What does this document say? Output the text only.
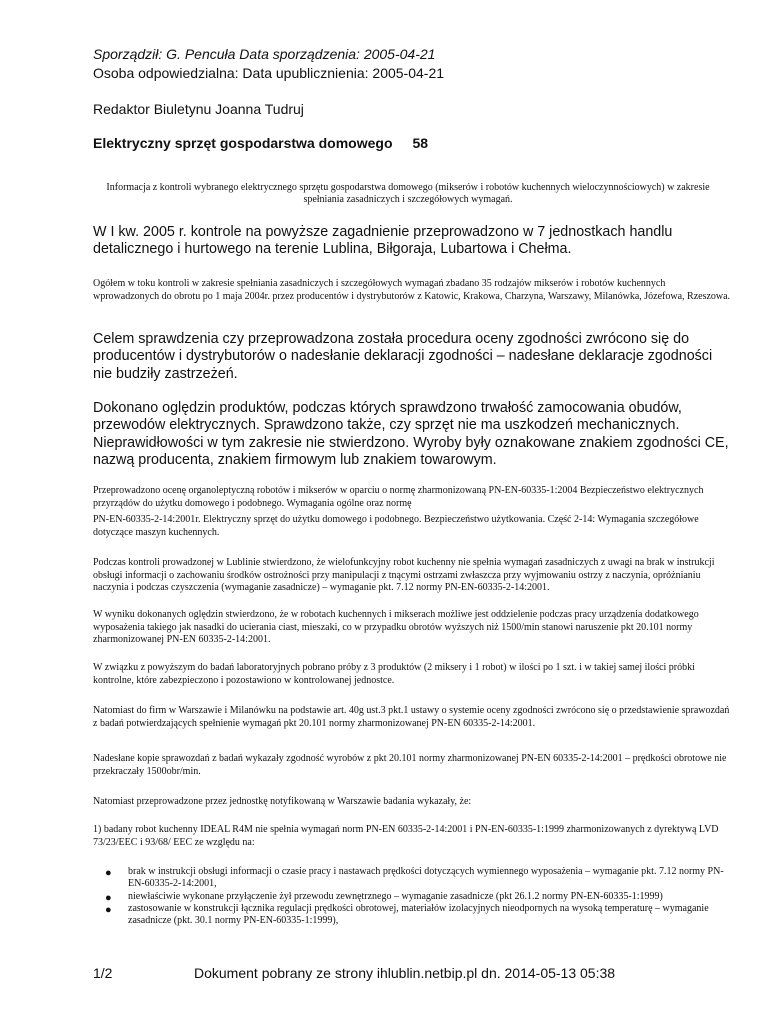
Sporządził: G. Pencuła Data sporządzenia: 2005-04-21
Osoba odpowiedzialna: Data upublicznienia: 2005-04-21
Redaktor Biuletynu Joanna Tudruj
Elektryczny sprzęt gospodarstwa domowego 58
Informacja z kontroli wybranego elektrycznego sprzętu gospodarstwa domowego (mikserów i robotów kuchennych wieloczynnościowych) w zakresie spełniania zasadniczych i szczegółowych wymagań.
W I kw. 2005 r. kontrole na powyższe zagadnienie przeprowadzono w 7 jednostkach handlu detalicznego i hurtowego na terenie Lublina, Biłgoraja, Lubartowa i Chełma.
Ogółem w toku kontroli w zakresie spełniania zasadniczych i szczegółowych wymagań zbadano 35 rodzajów mikserów i robotów kuchennych wprowadzonych do obrotu po 1 maja 2004r. przez producentów i dystrybutorów z Katowic, Krakowa, Charzyna, Warszawy, Milanówka, Józefowa, Rzeszowa.
Celem sprawdzenia czy przeprowadzona została procedura oceny zgodności zwrócono się do producentów i dystrybutorów o nadesłanie deklaracji zgodności – nadesłane deklaracje zgodności nie budziły zastrzeżeń.
Dokonano oględzin produktów, podczas których sprawdzono trwałość zamocowania obudów, przewodów elektrycznych. Sprawdzono także, czy sprzęt nie ma uszkodzeń mechanicznych. Nieprawidłowości w tym zakresie nie stwierdzono. Wyroby były oznakowane znakiem zgodności CE, nazwą producenta, znakiem firmowym lub znakiem towarowym.
Przeprowadzono ocenę organoleptyczną robotów i mikserów w oparciu o normę zharmonizowaną PN-EN-60335-1:2004 Bezpieczeństwo elektrycznych przyrządów do użytku domowego i podobnego. Wymagania ogólne oraz normę
PN-EN-60335-2-14:2001r. Elektryczny sprzęt do użytku domowego i podobnego. Bezpieczeństwo użytkowania. Część 2-14: Wymagania szczegółowe dotyczące maszyn kuchennych.
Podczas kontroli prowadzonej w Lublinie stwierdzono, że wielofunkcyjny robot kuchenny nie spełnia wymagań zasadniczych z uwagi na brak w instrukcji obsługi informacji o zachowaniu środków ostrożności przy manipulacji z tnącymi ostrzami zwłaszcza przy wyjmowaniu ostrzy z naczynia, opróżnianiu naczynia i podczas czyszczenia (wymaganie zasadnicze) – wymaganie pkt. 7.12 normy PN-EN-60335-2-14:2001.
W wyniku dokonanych oględzin stwierdzono, że w robotach kuchennych i mikserach możliwe jest oddzielenie podczas pracy urządzenia dodatkowego wyposażenia takiego jak nasadki do ucierania ciast, mieszaki, co w przypadku obrotów wyższych niż 1500/min stanowi naruszenie pkt 20.101 normy zharmonizowanej PN-EN 60335-2-14:2001.
W związku z powyższym do badań laboratoryjnych pobrano próby z 3 produktów (2 miksery i 1 robot) w ilości po 1 szt. i w takiej samej ilości próbki kontrolne, które zabezpieczono i pozostawiono w kontrolowanej jednostce.
Natomiast do firm w Warszawie i Milanówku na podstawie art. 40g ust.3 pkt.1 ustawy o systemie oceny zgodności zwrócono się o przedstawienie sprawozdań z badań potwierdzających spełnienie wymagań pkt 20.101 normy zharmonizowanej PN-EN 60335-2-14:2001.
Nadesłane kopie sprawozdań z badań wykazały zgodność wyrobów z pkt 20.101 normy zharmonizowanej PN-EN 60335-2-14:2001 – prędkości obrotowe nie przekraczały 1500obr/min.
Natomiast przeprowadzone przez jednostkę notyfikowaną w Warszawie badania wykazały, że:
1) badany robot kuchenny IDEAL R4M nie spełnia wymagań norm PN-EN 60335-2-14:2001 i PN-EN-60335-1:1999 zharmonizowanych z dyrektywą LVD 73/23/EEC i 93/68/ EEC ze względu na:
● brak w instrukcji obsługi informacji o czasie pracy i nastawach prędkości dotyczących wymiennego wyposażenia – wymaganie pkt. 7.12 normy PN-EN-60335-2-14:2001,
● niewłaściwie wykonane przyłączenie żył przewodu zewnętrznego – wymaganie zasadnicze (pkt 26.1.2 normy PN-EN-60335-1:1999)
● zastosowanie w konstrukcji łącznika regulacji prędkości obrotowej, materiałów izolacyjnych nieodpornych na wysoką temperaturę – wymaganie zasadnicze (pkt. 30.1 normy PN-EN-60335-1:1999),
1/2	Dokument pobrany ze strony ihlublin.netbip.pl dn. 2014-05-13 05:38
